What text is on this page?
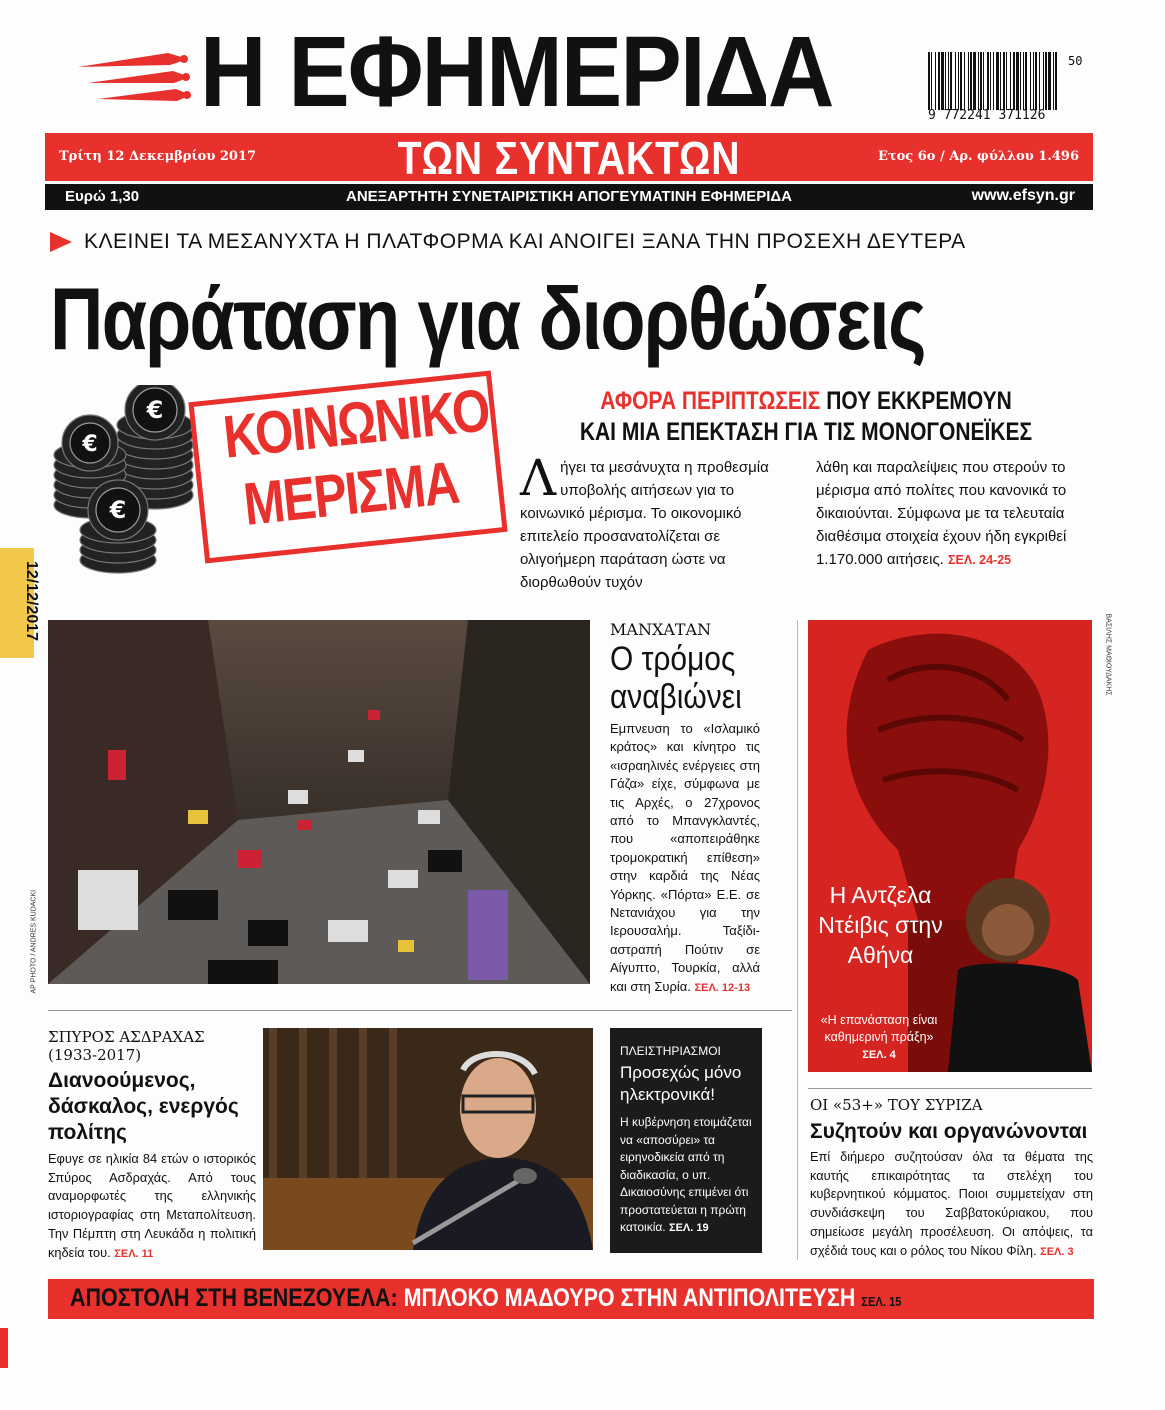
Η ΕΦΗΜΕΡΙΔΑ	50
9 772241 371126
Τρίτη 12 Δεκεμβρίου 2017	ΤΩΝ ΣΥΝΤΑΚΤΩΝ	Ετος 6ο / Αρ. φύλλου 1.496
Ευρώ 1,30	ΑΝΕΞΑΡΤΗΤΗ ΣΥΝΕΤΑΙΡΙΣΤΙΚΗ ΑΠΟΓΕΥΜΑΤΙΝΗ ΕΦΗΜΕΡΙΔΑ	www.efsyn.gr
ΚΛΕΙΝΕΙ ΤΑ ΜΕΣΑΝΥΧΤΑ Η ΠΛΑΤΦΟΡΜΑ ΚΑΙ ΑΝΟΙΓΕΙ ΞΑΝΑ ΤΗΝ ΠΡΟΣΕΧΗ ΔΕΥΤΕΡΑ
Παράταση για διορθώσεις
€
€
€
ΚΟΙΝΩΝΙΚΟ
ΜΕΡΙΣΜΑ
ΑΦΟΡΑ ΠΕΡΙΠΤΩΣΕΙΣ ΠΟΥ ΕΚΚΡΕΜΟΥΝ
ΚΑΙ ΜΙΑ ΕΠΕΚΤΑΣΗ ΓΙΑ ΤΙΣ ΜΟΝΟΓΟΝΕΪΚΕΣ
Λήγει τα μεσάνυχτα η προθεσμία υποβολής αιτήσεων για το κοινωνικό μέρισμα. Το οικονομικό επιτελείο προσανατολίζεται σε ολιγοήμερη παράταση ώστε να διορθωθούν τυχόν
λάθη και παραλείψεις που στερούν το μέρισμα από πολίτες που κανονικά το δικαιούνται. Σύμφωνα με τα τελευταία διαθέσιμα στοιχεία έχουν ήδη εγκριθεί 1.170.000 αιτήσεις. ΣΕΛ. 24-25
12/12/2017
AP PHOTO / ANDRES KUDACKI
ΜΑΝΧΑΤΑΝ
Ο τρόμος αναβιώνει
Εμπνευση το «Ισλαμικό κράτος» και κίνητρο τις «ισραηλινές ενέργειες στη Γάζα» είχε, σύμφωνα με τις Αρχές, ο 27χρονος από το Μπανγκλαντές, που «αποπειράθηκε τρομοκρατική επίθεση» στην καρδιά της Νέας Υόρκης. «Πόρτα» Ε.Ε. σε Νετανιάχου για την Ιερουσαλήμ. Ταξίδι-αστραπή Πούτιν σε Αίγυπτο, Τουρκία, αλλά και στη Συρία. ΣΕΛ. 12-13
ΒΑΣΙΛΗΣ ΜΑΘΙΟΥΔΑΚΗΣ
Η Αντζελα Ντέιβις στην Αθήνα
«Η επανάσταση είναι καθημερινή πράξη» ΣΕΛ. 4
ΣΠΥΡΟΣ ΑΣΔΡΑΧΑΣ
(1933-2017)
Διανοούμενος, δάσκαλος, ενεργός πολίτης
Εφυγε σε ηλικία 84 ετών ο ιστορικός Σπύρος Ασδραχάς. Από τους αναμορφωτές της ελληνικής ιστοριογραφίας στη Μεταπολίτευση. Την Πέμπτη στη Λευκάδα η πολιτική κηδεία του. ΣΕΛ. 11
ΠΛΕΙΣΤΗΡΙΑΣΜΟΙ
Προσεχώς μόνο ηλεκτρονικά!
Η κυβέρνηση ετοιμάζεται να «αποσύρει» τα ειρηνοδικεία από τη διαδικασία, ο υπ. Δικαιοσύνης επιμένει ότι προστατεύεται η πρώτη κατοικία. ΣΕΛ. 19
ΟΙ «53+» ΤΟΥ ΣΥΡΙΖΑ
Συζητούν και οργανώνονται
Επί διήμερο συζητούσαν όλα τα θέματα της καυτής επικαιρότητας τα στελέχη του κυβερνητικού κόμματος. Ποιοι συμμετείχαν στη συνδιάσκεψη του Σαββατοκύριακου, που σημείωσε μεγάλη προσέλευση. Οι απόψεις, τα σχέδιά τους και ο ρόλος του Νίκου Φίλη. ΣΕΛ. 3
ΑΠΟΣΤΟΛΗ ΣΤΗ ΒΕΝΕΖΟΥΕΛΑ: ΜΠΛΟΚΟ ΜΑΔΟΥΡΟ ΣΤΗΝ ΑΝΤΙΠΟΛΙΤΕΥΣΗ ΣΕΛ. 15
